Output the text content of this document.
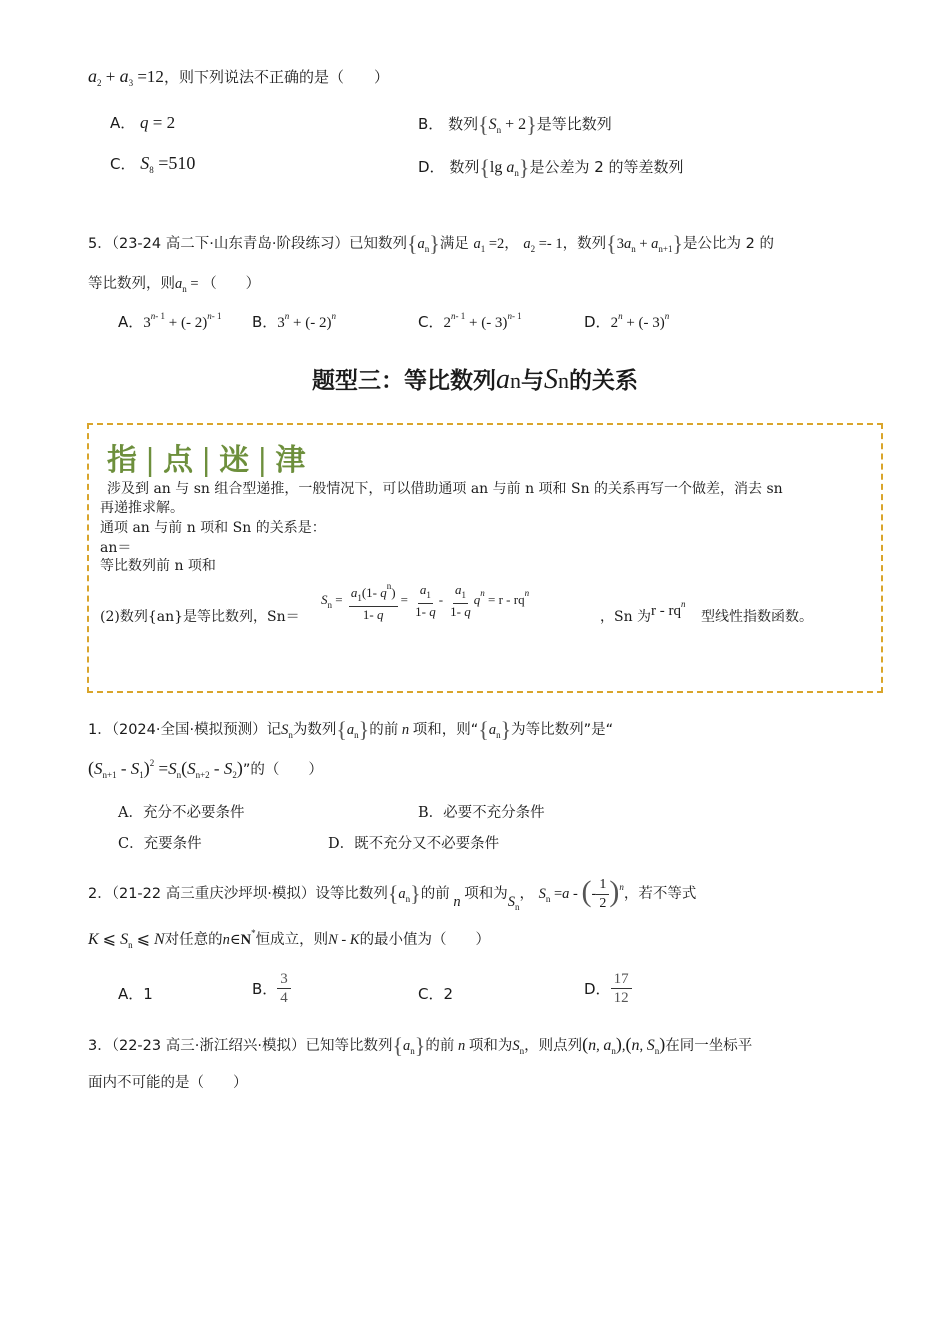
$a_2 + a_3 =12$，则下列说法不正确的是（　　）
A． q = 2	B． 数列$\{S_n + 2\}$是等比数列
C． $S_8 =510$	D． 数列{lg $a_n$}是公差为 2 的等差数列
5．（23-24 高二下·山东青岛·阶段练习）已知数列$\{a_n\}$满足 $a_1 =2$， $a_2 =- 1$，数列$\{3a_n + a_{n+1}\}$是公比为 2 的
等比数列，则$a_n$ = （　　）
A．$3^{n- 1}$ + (- 2)$^{n- 1}$ B．$3^n$ + (- 2)$^n$	C．$2^{n- 1}$ + (- 3)$^{n- 1}$	D．$2^n$ + (- 3)$^n$
题型三：等比数列an与Sn的关系
指 | 点 | 迷 | 津
涉及到 an 与 sn 组合型递推，一般情况下，可以借助通项 an 与前 n 项和 Sn 的关系再写一个做差，消去 sn
再递推求解。
通项 an 与前 n 项和 Sn 的关系是：
an＝
等比数列前 n 项和
(2)数列{an}是等比数列，Sn＝
$S_n = \frac{a_1(1- q^n)}{1- q} = \frac{a_1}{1- q} - \frac{a_1}{1- q} q^n = r - rq^n$
，Sn 为 r - $rq^n$
型线性指数函数。
1．（2024·全国·模拟预测）记$S_n$为数列$\{a_n\}$的前 n 项和，则“$\{a_n\}$为等比数列”是“
$(S_{n+1} - S_1)^2 =S_n(S_{n+2} - S_2)$”的（　　）
A．充分不必要条件	B．必要不充分条件
C．充要条件	D．既不充分又不必要条件
2．（21-22 高三重庆沙坪坝·模拟）设等比数列$\{a_n\}$的前 n 项和为$S_n$， $S_n =a$ - (- $\frac{1}{2} )^n$，若不等式
K ⩽ $S_n$ ⩽ N对任意的n∈N*恒成立，则N - K的最小值为（　　）
A．1	B． $\frac{3}{4}$	C．2	D． $\frac{17}{12}$
3．（22-23 高三·浙江绍兴·模拟）已知等比数列$\{a_n\}$的前 n 项和为$S_n$，则点列(n, $a_n),(n$, $S_n$)在同一坐标平
面内不可能的是（　　）
